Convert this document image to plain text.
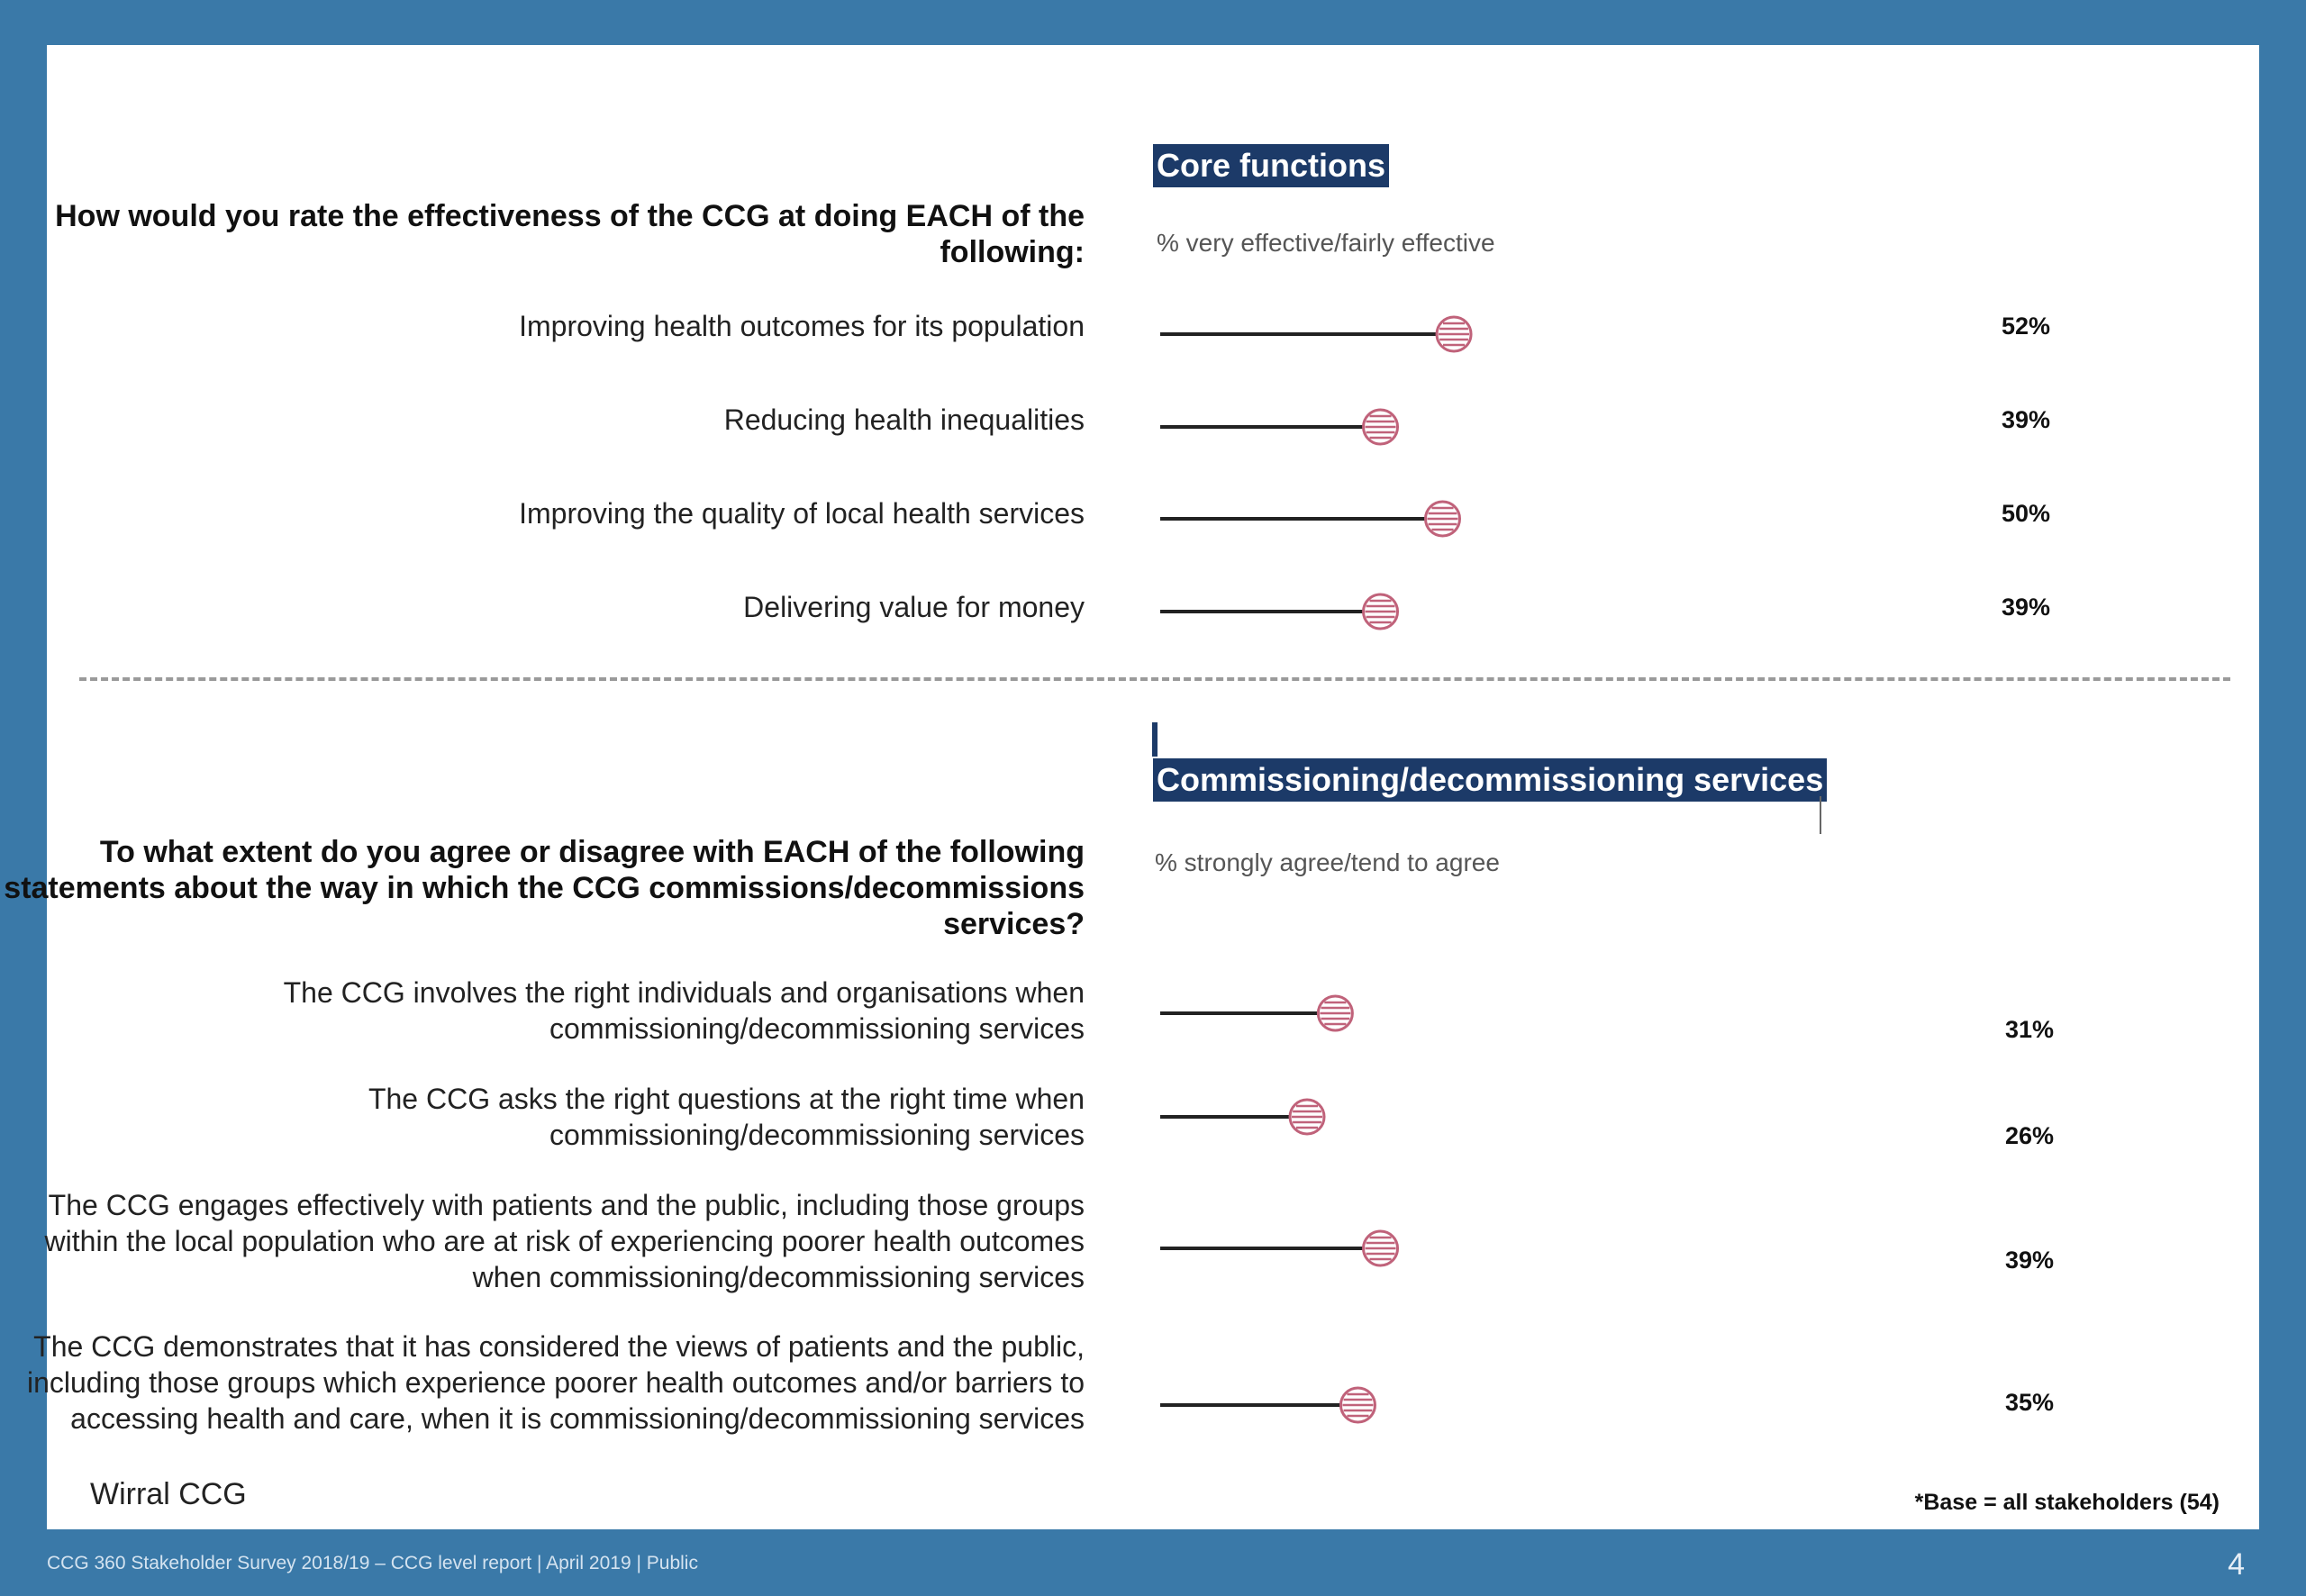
Core functions
% very effective/fairly effective
How would you rate the effectiveness of the CCG at doing EACH of the following:
Improving health outcomes for its population
Reducing health inequalities
Improving the quality of local health services
Delivering value for money
52%
39%
50%
39%
Commissioning/decommissioning services
% strongly agree/tend to agree
To what extent do you agree or disagree with EACH of the following statements about the way in which the CCG commissions/decommissions services?
The CCG involves the right individuals and organisations when commissioning/decommissioning services
The CCG asks the right questions at the right time when commissioning/decommissioning services
The CCG engages effectively with patients and the public, including those groups within the local population who are at risk of experiencing poorer health outcomes when commissioning/decommissioning services
The CCG demonstrates that it has considered the views of patients and the public, including those groups which experience poorer health outcomes and/or barriers to accessing health and care, when it is commissioning/decommissioning services
31%
26%
39%
35%
Wirral CCG	*Base = all stakeholders (54)
CCG 360 Stakeholder Survey 2018/19 – CCG level report | April 2019 | Public	4
